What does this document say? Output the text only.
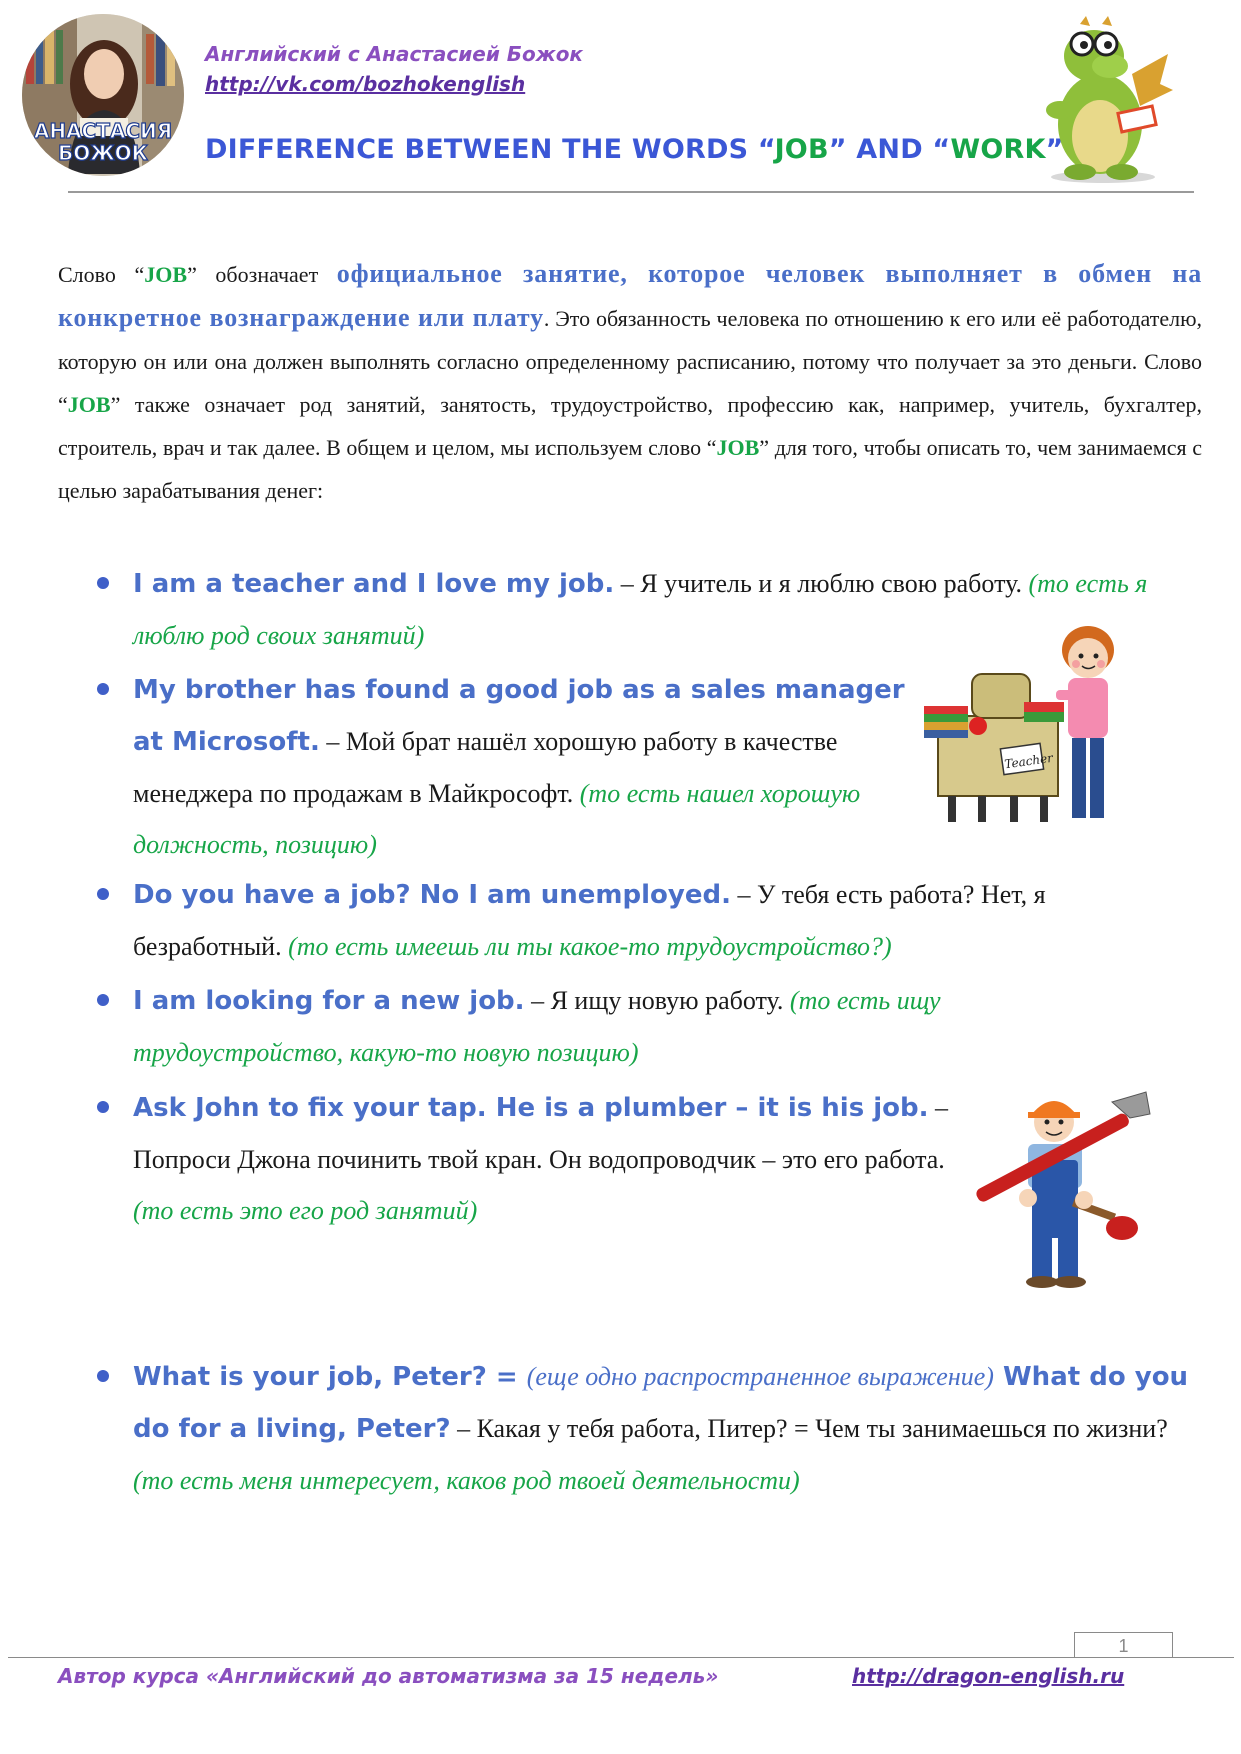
АНАСТАСИЯ
БОЖОК
Английский с Анастасией Божок
http://vk.com/bozhokenglish
DIFFERENCE BETWEEN THE WORDS “JOB” AND “WORK”
Слово “JOB” обозначает официальное занятие, которое человек выполняет в обмен на конкретное вознаграждение или плату. Это обязанность человека по отношению к его или её работодателю, которую он или она должен выполнять согласно определенному расписанию, потому что получает за это деньги. Слово “JOB” также означает род занятий, занятость, трудоустройство, профессию как, например, учитель, бухгалтер, строитель, врач и так далее. В общем и целом, мы используем слово “JOB” для того, чтобы описать то, чем занимаемся с целью зарабатывания денег:
I am a teacher and I love my job. – Я учитель и я люблю свою работу. (то есть я люблю род своих занятий)
My brother has found a good job as a sales manager at Microsoft. – Мой брат нашёл хорошую работу в качестве менеджера по продажам в Майкрософт. (то есть нашел хорошую должность, позицию)
Teacher
Do you have a job? No I am unemployed. – У тебя есть работа? Нет, я безработный. (то есть имеешь ли ты какое-то трудоустройство?)
I am looking for a new job. – Я ищу новую работу. (то есть ищу трудоустройство, какую-то новую позицию)
Ask John to fix your tap. He is a plumber – it is his job. – Попроси Джона починить твой кран. Он водопроводчик – это его работа. (то есть это его род занятий)
What is your job, Peter? = (еще одно распространенное выражение) What do you do for a living, Peter? – Какая у тебя работа, Питер? = Чем ты занимаешься по жизни? (то есть меня интересует, каков род твоей деятельности)
1
Автор курса «Английский до автоматизма за 15 недель»	http://dragon-english.ru
